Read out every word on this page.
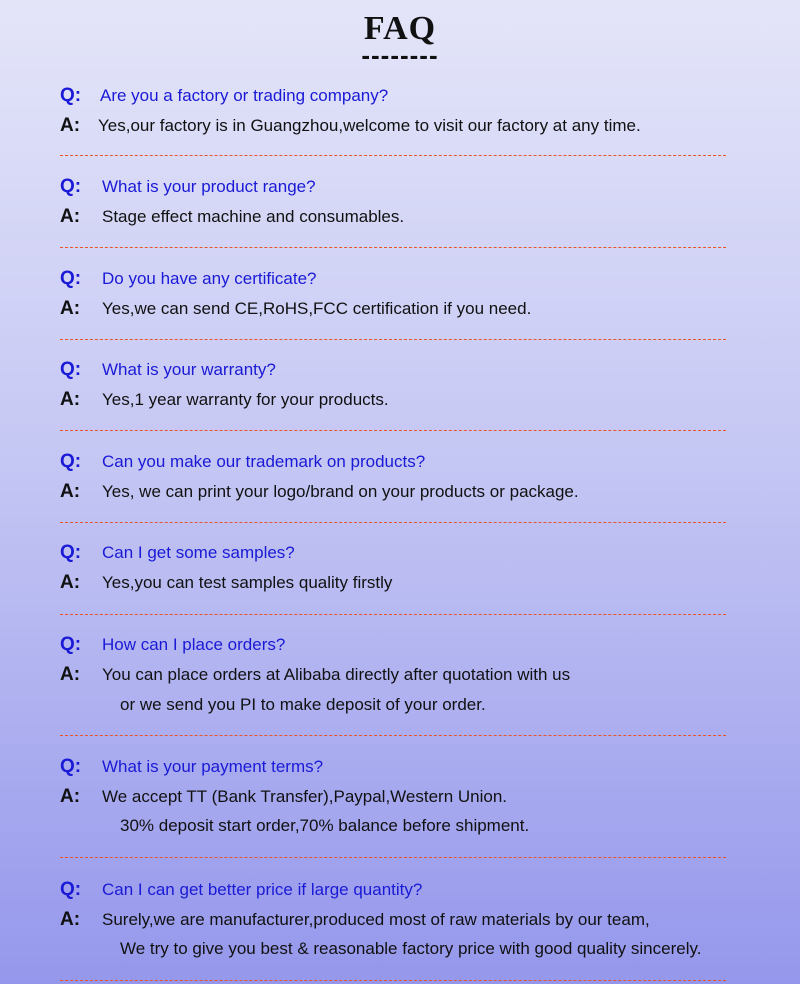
FAQ
--------
Q: Are you a factory or trading company?
A: Yes,our factory is in Guangzhou,welcome to visit our factory at any time.
Q: What is your product range?
A: Stage effect machine and consumables.
Q: Do you have any certificate?
A: Yes,we can send CE,RoHS,FCC certification if you need.
Q: What is your warranty?
A: Yes,1 year warranty for your products.
Q: Can you make our trademark on products?
A: Yes, we can print your logo/brand on your products or package.
Q: Can I get some samples?
A: Yes,you can test samples quality firstly
Q: How can I place orders?
A: You can place orders at Alibaba directly after quotation with us
or we send you PI to make deposit of your order.
Q: What is your payment terms?
A: We accept TT (Bank Transfer),Paypal,Western Union.
30% deposit start order,70% balance before shipment.
Q: Can I can get better price if large quantity?
A: Surely,we are manufacturer,produced most of raw materials by our team,
We try to give you best & reasonable factory price with good quality sincerely.
